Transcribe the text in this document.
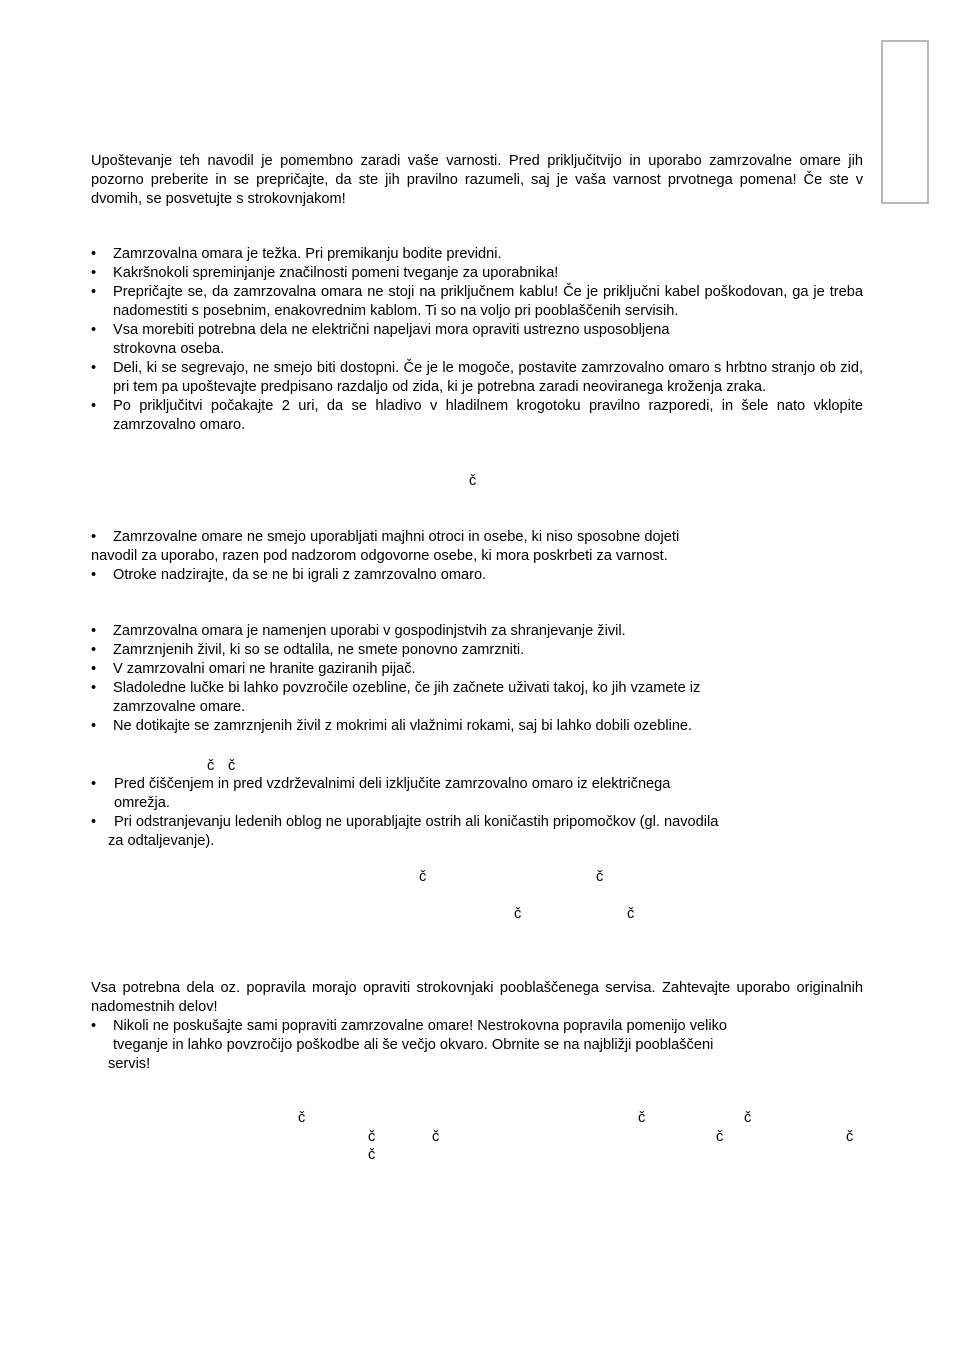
Upoštevanje teh navodil je pomembno zaradi vaše varnosti. Pred priključitvijo in uporabo zamrzovalne omare jih pozorno preberite in se prepričajte, da ste jih pravilno razumeli, saj je vaša varnost prvotnega pomena! Če ste v dvomih, se posvetujte s strokovnjakom!

• Zamrzovalna omara je težka. Pri premikanju bodite previdni.
• Kakršnokoli spreminjanje značilnosti pomeni tveganje za uporabnika!
• Prepričajte se, da zamrzovalna omara ne stoji na priključnem kablu! Če je priključni kabel poškodovan, ga je treba nadomestiti s posebnim, enakovrednim kablom. Ti so na voljo pri pooblaščenih servisih.
• Vsa morebiti potrebna dela ne električni napeljavi mora opraviti ustrezno usposobljena
strokovna oseba.
• Deli, ki se segrevajo, ne smejo biti dostopni. Če je le mogoče, postavite zamrzovalno omaro s hrbtno stranjo ob zid, pri tem pa upoštevajte predpisano razdaljo od zida, ki je potrebna zaradi neoviranega kroženja zraka.
• Po priključitvi počakajte 2 uri, da se hladivo v hladilnem krogotoku pravilno razporedi, in šele nato vklopite zamrzovalno omaro.
č
• Zamrzovalne omare ne smejo uporabljati majhni otroci in osebe, ki niso sposobne dojeti
navodil za uporabo, razen pod nadzorom odgovorne osebe, ki mora poskrbeti za varnost.
• Otroke nadzirajte, da se ne bi igrali z zamrzovalno omaro.
• Zamrzovalna omara je namenjen uporabi v gospodinjstvih za shranjevanje živil.
• Zamrznjenih živil, ki so se odtalila, ne smete ponovno zamrzniti.
• V zamrzovalni omari ne hranite gaziranih pijač.
• Sladoledne lučke bi lahko povzročile ozebline, če jih začnete uživati takoj, ko jih vzamete iz
zamrzovalne omare.
• Ne dotikajte se zamrznjenih živil z mokrimi ali vlažnimi rokami, saj bi lahko dobili ozebline.
č č
• Pred čiščenjem in pred vzdrževalnimi deli izključite zamrzovalno omaro iz električnega
omrežja.
• Pri odstranjevanju ledenih oblog ne uporabljajte ostrih ali koničastih pripomočkov (gl. navodila
za odtaljevanje).
č	č
č	č

Vsa potrebna dela oz. popravila morajo opraviti strokovnjaki pooblaščenega servisa. Zahtevajte uporabo originalnih nadomestnih delov!

• Nikoli ne poskušajte sami popraviti zamrzovalne omare! Nestrokovna popravila pomenijo veliko
tveganje in lahko povzročijo poškodbe ali še večjo okvaro. Obrnite se na najbližji pooblaščeni
servis!
č	č	č
č	č	č	č
č
